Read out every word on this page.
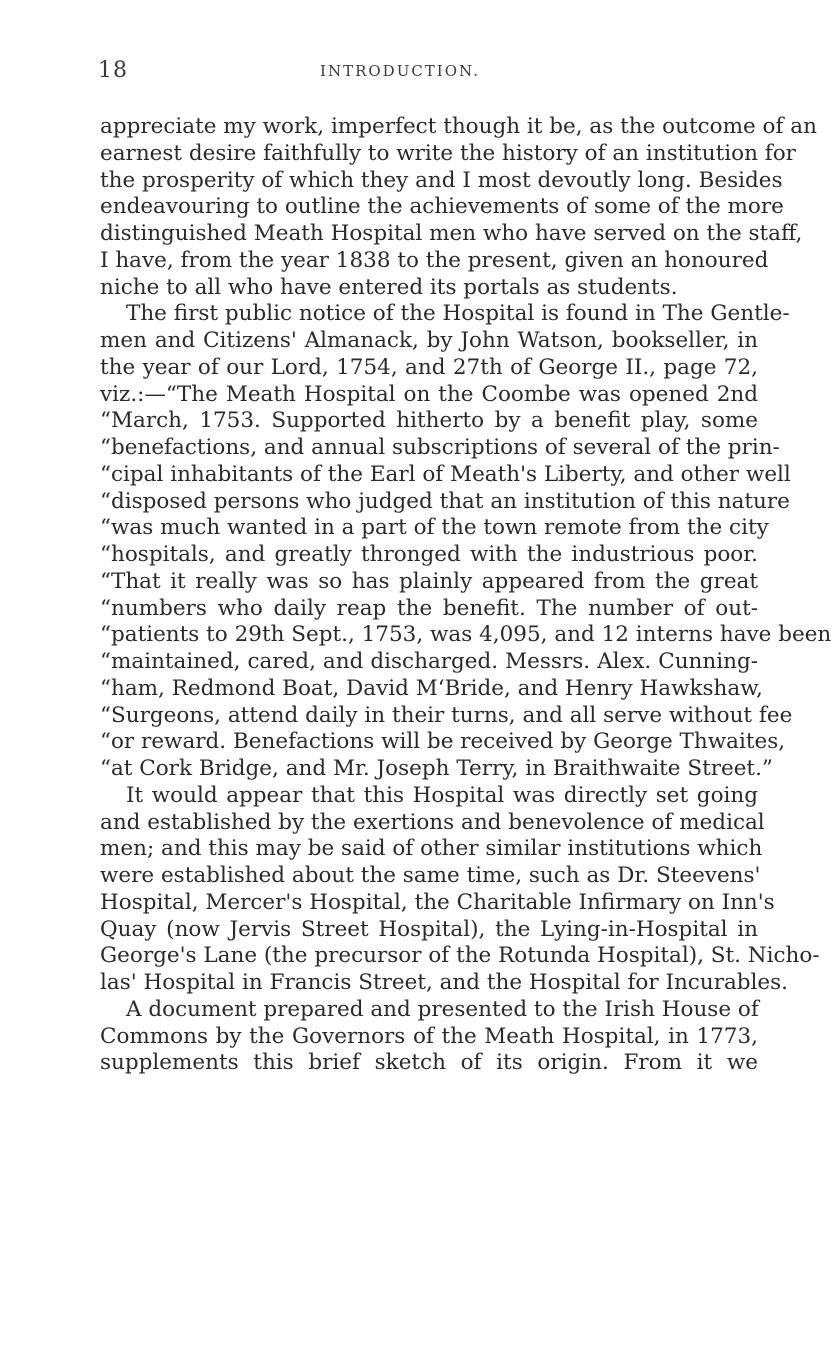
18	INTRODUCTION.
appreciate my work, imperfect though it be, as the outcome of an
earnest desire faithfully to write the history of an institution for
the prosperity of which they and I most devoutly long. Besides
endeavouring to outline the achievements of some of the more
distinguished Meath Hospital men who have served on the staff,
I have, from the year 1838 to the present, given an honoured
niche to all who have entered its portals as students.
The first public notice of the Hospital is found in The Gentle-
men and Citizens' Almanack, by John Watson, bookseller, in
the year of our Lord, 1754, and 27th of George II., page 72,
viz.:—“The Meath Hospital on the Coombe was opened 2nd
“March, 1753. Supported hitherto by a benefit play, some
“benefactions, and annual subscriptions of several of the prin-
“cipal inhabitants of the Earl of Meath's Liberty, and other well
“disposed persons who judged that an institution of this nature
“was much wanted in a part of the town remote from the city
“hospitals, and greatly thronged with the industrious poor.
“That it really was so has plainly appeared from the great
“numbers who daily reap the benefit. The number of out-
“patients to 29th Sept., 1753, was 4,095, and 12 interns have been
“maintained, cared, and discharged. Messrs. Alex. Cunning-
“ham, Redmond Boat, David M‘Bride, and Henry Hawkshaw,
“Surgeons, attend daily in their turns, and all serve without fee
“or reward. Benefactions will be received by George Thwaites,
“at Cork Bridge, and Mr. Joseph Terry, in Braithwaite Street.”
It would appear that this Hospital was directly set going
and established by the exertions and benevolence of medical
men; and this may be said of other similar institutions which
were established about the same time, such as Dr. Steevens'
Hospital, Mercer's Hospital, the Charitable Infirmary on Inn's
Quay (now Jervis Street Hospital), the Lying-in-Hospital in
George's Lane (the precursor of the Rotunda Hospital), St. Nicho-
las' Hospital in Francis Street, and the Hospital for Incurables.
A document prepared and presented to the Irish House of
Commons by the Governors of the Meath Hospital, in 1773,
supplements this brief sketch of its origin. From it we
